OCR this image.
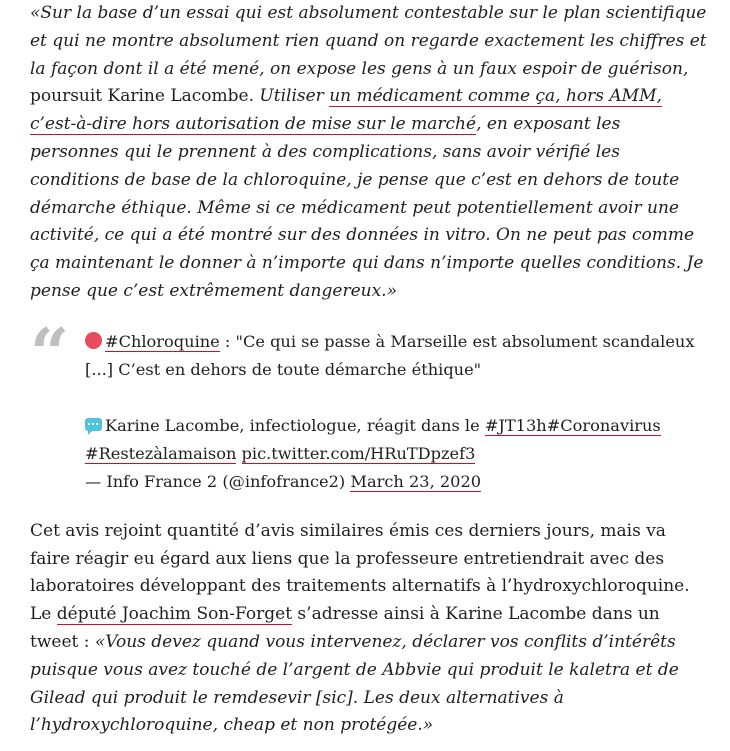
«Sur la base d’un essai qui est absolument contestable sur le plan scientifique et qui ne montre absolument rien quand on regarde exactement les chiffres et la façon dont il a été mené, on expose les gens à un faux espoir de guérison, poursuit Karine Lacombe. Utiliser un médicament comme ça, hors AMM, c’est-à-dire hors autorisation de mise sur le marché, en exposant les personnes qui le prennent à des complications, sans avoir vérifié les conditions de base de la chloroquine, je pense que c’est en dehors de toute démarche éthique. Même si ce médicament peut potentiellement avoir une activité, ce qui a été montré sur des données in vitro. On ne peut pas comme ça maintenant le donner à n’importe qui dans n’importe quelles conditions. Je pense que c’est extrêmement dangereux.»

“	#Chloroquine : "Ce qui se passe à Marseille est absolument scandaleux [...] C’est en dehors de toute démarche éthique"
Karine Lacombe, infectiologue, réagit dans le #JT13h#Coronavirus #Restezàlamaison pic.twitter.com/HRuTDpzef3
— Info France 2 (@infofrance2) March 23, 2020

Cet avis rejoint quantité d’avis similaires émis ces derniers jours, mais va faire réagir eu égard aux liens que la professeure entretiendrait avec des laboratoires développant des traitements alternatifs à l’hydroxychloroquine. Le député Joachim Son-Forget s’adresse ainsi à Karine Lacombe dans un tweet : «Vous devez quand vous intervenez, déclarer vos conflits d’intérêts puisque vous avez touché de l’argent de Abbvie qui produit le kaletra et de Gilead qui produit le remdesevir [sic]. Les deux alternatives à l’hydroxychloroquine, cheap et non protégée.»
